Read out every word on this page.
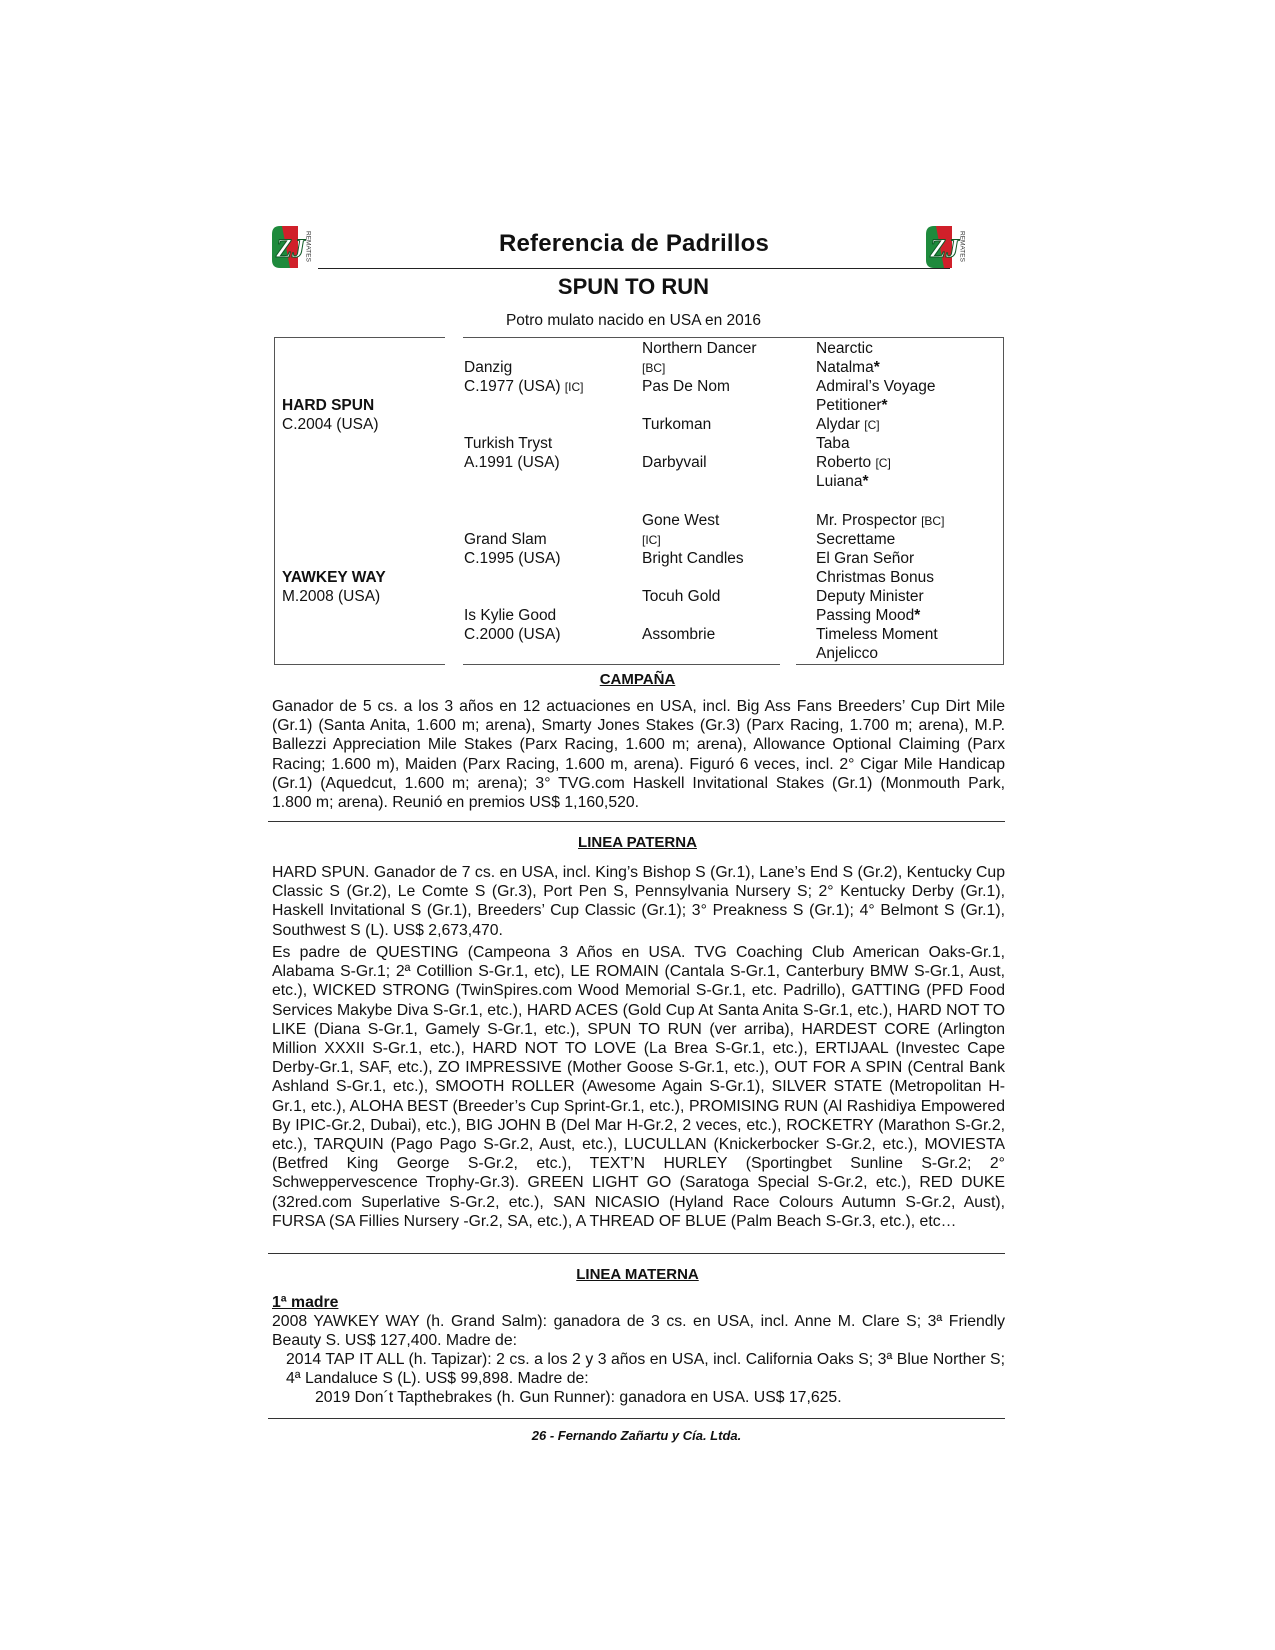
ZJ REMATES	ZJ REMATES
Referencia de Padrillos
SPUN TO RUN
Potro mulato nacido en USA en 2016
HARD SPUN
C.2004 (USA)
YAWKEY WAY
M.2008 (USA)
Danzig
C.1977 (USA) [IC]
Turkish Tryst
A.1991 (USA)
Grand Slam
C.1995 (USA)
Is Kylie Good
C.2000 (USA)
Northern Dancer
[BC]
Pas De Nom
Turkoman
Darbyvail
Gone West
[IC]
Bright Candles
Tocuh Gold
Assombrie
Nearctic
Natalma*
Admiral’s Voyage
Petitioner*
Alydar [C]
Taba
Roberto [C]
Luiana*
Mr. Prospector [BC]
Secrettame
El Gran Señor
Christmas Bonus
Deputy Minister
Passing Mood*
Timeless Moment
Anjelicco
CAMPAÑA
Ganador de 5 cs. a los 3 años en 12 actuaciones en USA, incl. Big Ass Fans Breeders’ Cup Dirt Mile (Gr.1) (Santa Anita, 1.600 m; arena), Smarty Jones Stakes (Gr.3) (Parx Racing, 1.700 m; arena), M.P. Ballezzi Appreciation Mile Stakes (Parx Racing, 1.600 m; arena), Allowance Optional Claiming (Parx Racing; 1.600 m), Maiden (Parx Racing, 1.600 m, arena). Figuró 6 veces, incl. 2° Cigar Mile Handicap (Gr.1) (Aquedcut, 1.600 m; arena); 3° TVG.com Haskell Invitational Stakes (Gr.1) (Monmouth Park, 1.800 m; arena). Reunió en premios US$ 1,160,520.
LINEA PATERNA
HARD SPUN. Ganador de 7 cs. en USA, incl. King’s Bishop S (Gr.1), Lane’s End S (Gr.2), Kentucky Cup Classic S (Gr.2), Le Comte S (Gr.3), Port Pen S, Pennsylvania Nursery S; 2° Kentucky Derby (Gr.1), Haskell Invitational S (Gr.1), Breeders’ Cup Classic (Gr.1); 3° Preakness S (Gr.1); 4° Belmont S (Gr.1), Southwest S (L). US$ 2,673,470.
Es padre de QUESTING (Campeona 3 Años en USA. TVG Coaching Club American Oaks-Gr.1, Alabama S-Gr.1; 2ª Cotillion S-Gr.1, etc), LE ROMAIN (Cantala S-Gr.1, Canterbury BMW S-Gr.1, Aust, etc.), WICKED STRONG (TwinSpires.com Wood Memorial S-Gr.1, etc. Padrillo), GATTING (PFD Food Services Makybe Diva S-Gr.1, etc.), HARD ACES (Gold Cup At Santa Anita S-Gr.1, etc.), HARD NOT TO LIKE (Diana S-Gr.1, Gamely S-Gr.1, etc.), SPUN TO RUN (ver arriba), HARDEST CORE (Arlington Million XXXII S-Gr.1, etc.), HARD NOT TO LOVE (La Brea S-Gr.1, etc.), ERTIJAAL (Investec Cape Derby-Gr.1, SAF, etc.), ZO IMPRESSIVE (Mother Goose S-Gr.1, etc.), OUT FOR A SPIN (Central Bank Ashland S-Gr.1, etc.), SMOOTH ROLLER (Awesome Again S-Gr.1), SILVER STATE (Metropolitan H-Gr.1, etc.), ALOHA BEST (Breeder’s Cup Sprint-Gr.1, etc.), PROMISING RUN (Al Rashidiya Empowered By IPIC-Gr.2, Dubai), etc.), BIG JOHN B (Del Mar H-Gr.2, 2 veces, etc.), ROCKETRY (Marathon S-Gr.2, etc.), TARQUIN (Pago Pago S-Gr.2, Aust, etc.), LUCULLAN (Knickerbocker S-Gr.2, etc.), MOVIESTA (Betfred King George S-Gr.2, etc.), TEXT’N HURLEY (Sportingbet Sunline S-Gr.2; 2° Schweppervescence Trophy-Gr.3). GREEN LIGHT GO (Saratoga Special S-Gr.2, etc.), RED DUKE (32red.com Superlative S-Gr.2, etc.), SAN NICASIO (Hyland Race Colours Autumn S-Gr.2, Aust), FURSA (SA Fillies Nursery -Gr.2, SA, etc.), A THREAD OF BLUE (Palm Beach S-Gr.3, etc.), etc…
LINEA MATERNA
1ª madre
2008 YAWKEY WAY (h. Grand Salm): ganadora de 3 cs. en USA, incl. Anne M. Clare S; 3ª Friendly Beauty S. US$ 127,400. Madre de:
2014 TAP IT ALL (h. Tapizar): 2 cs. a los 2 y 3 años en USA, incl. California Oaks S; 3ª Blue Norther S; 4ª Landaluce S (L). US$ 99,898. Madre de:
2019 Don´t Tapthebrakes (h. Gun Runner): ganadora en USA. US$ 17,625.
26 - Fernando Zañartu y Cía. Ltda.
